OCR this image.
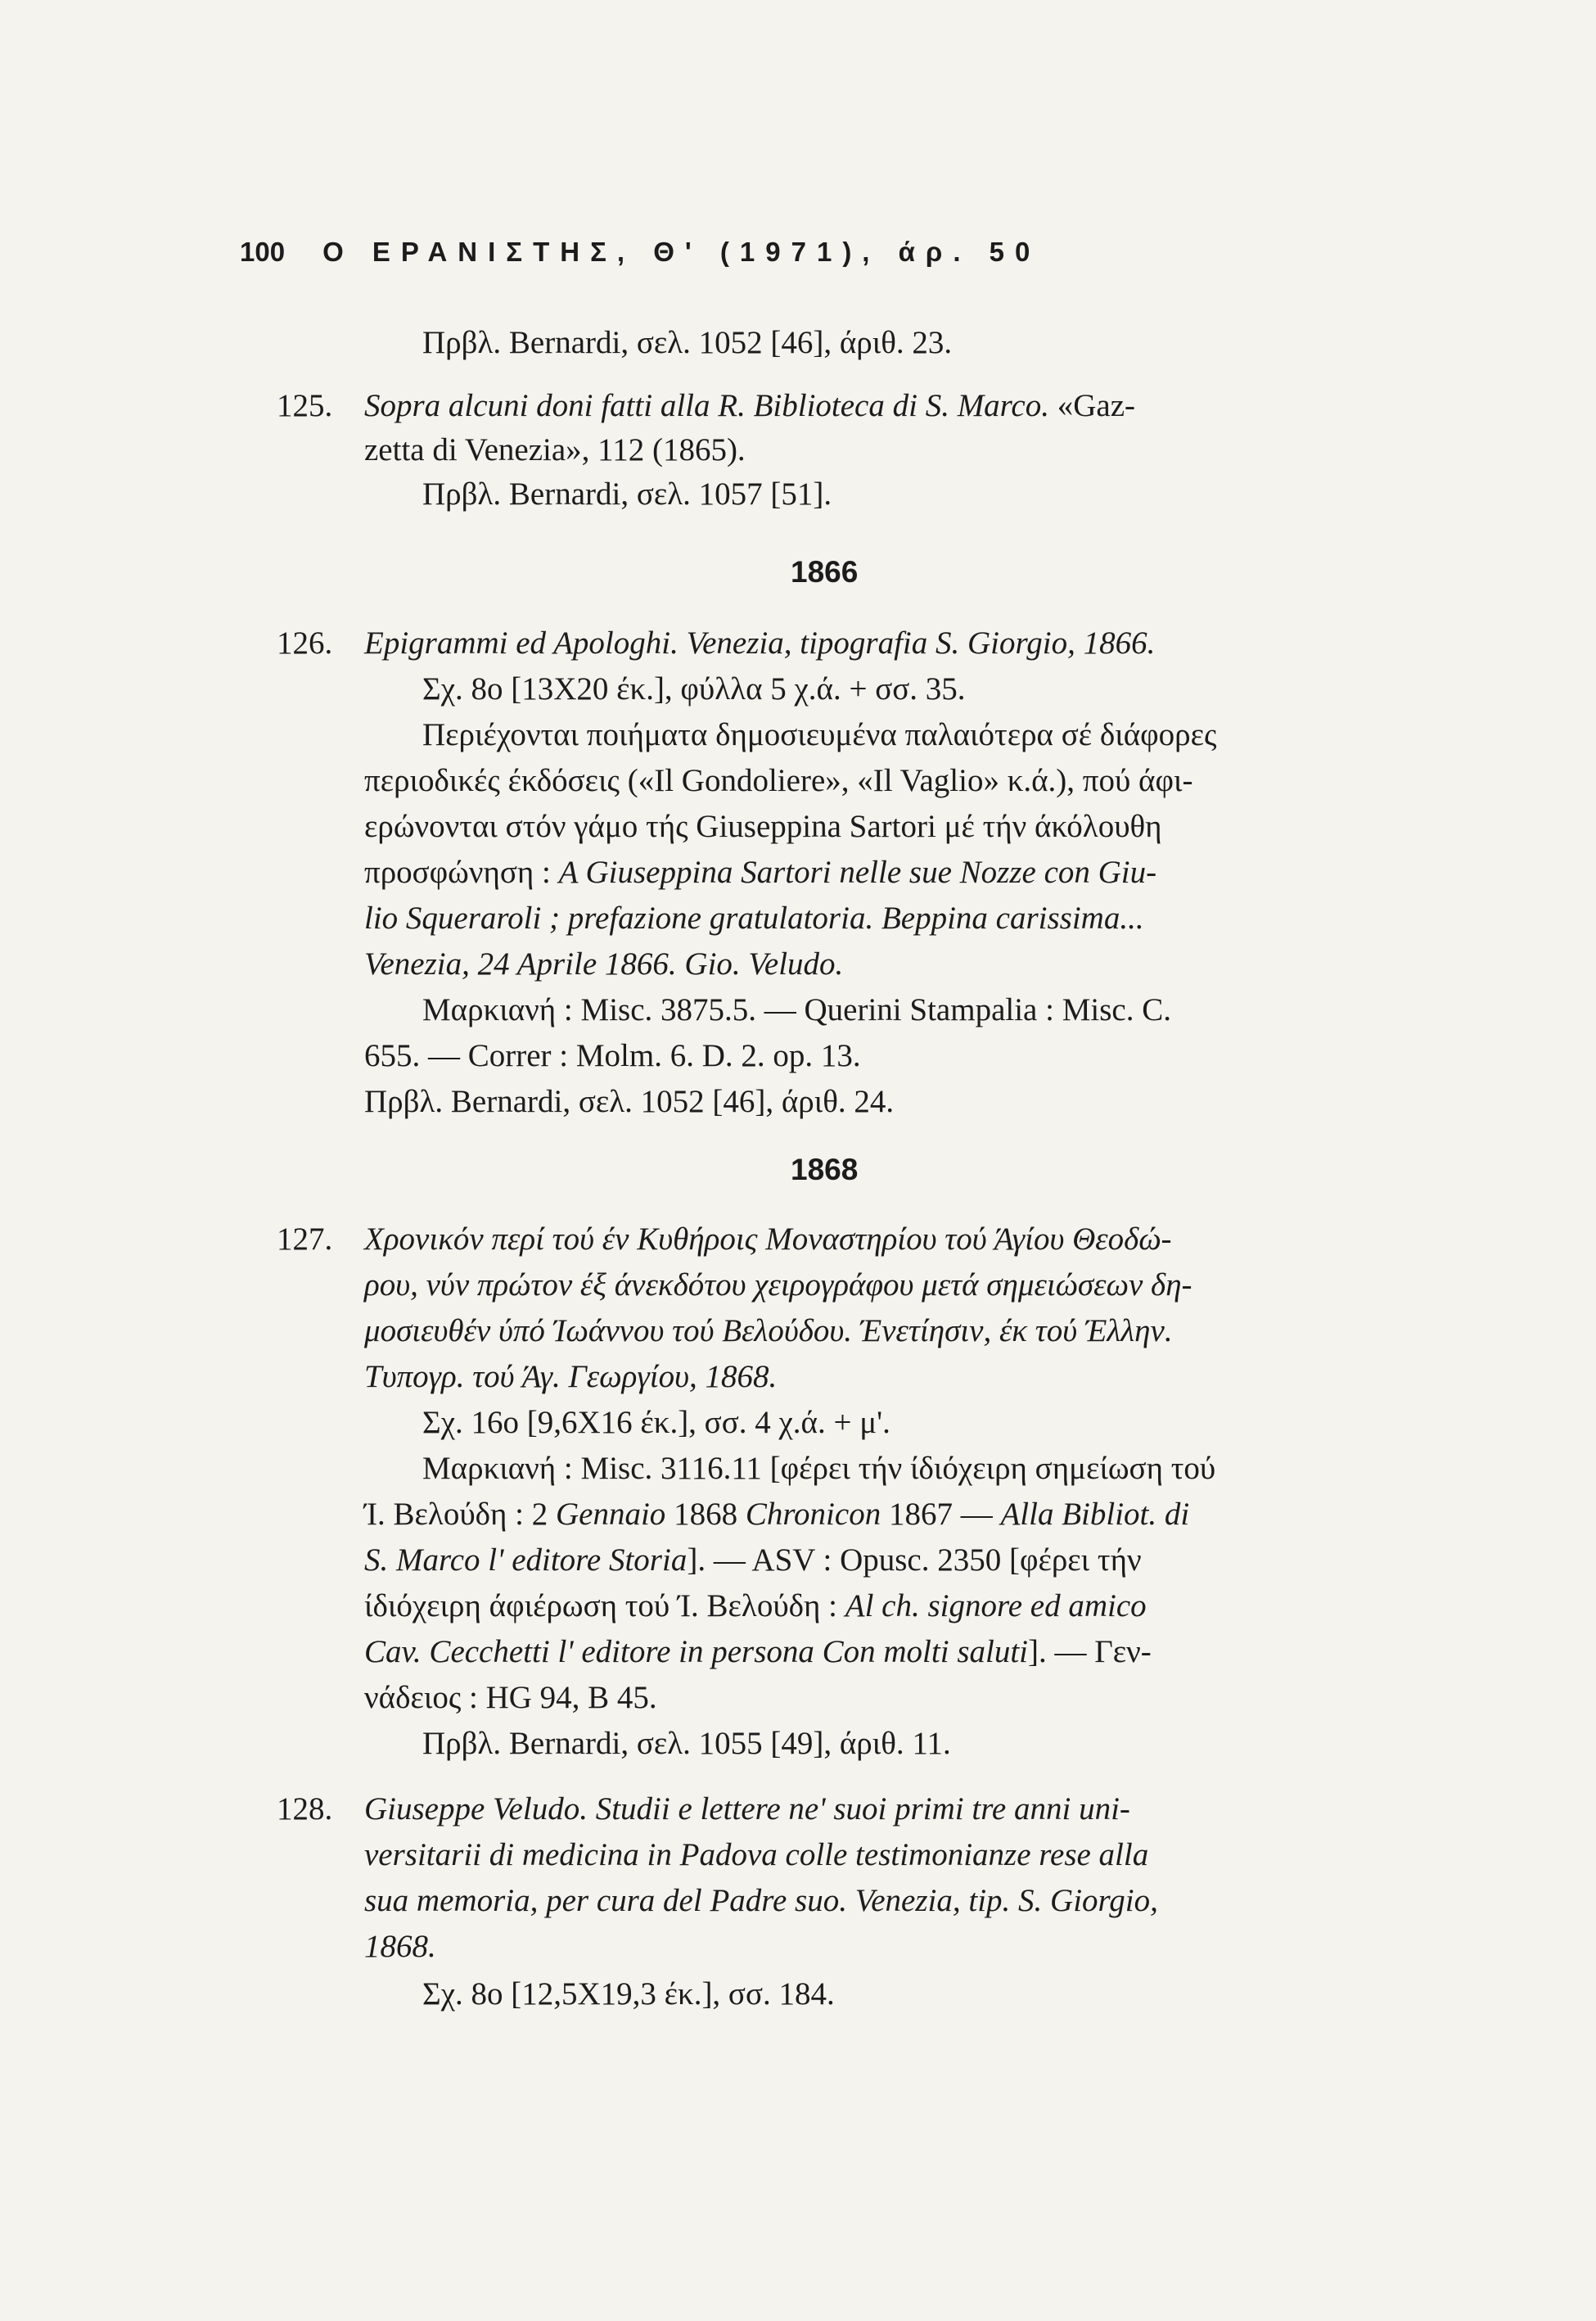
100 Ο ΕΡΑΝΙΣΤΗΣ, Θ' (1971), άρ. 50
Πρβλ. Bernardi, σελ. 1052 [46], άριθ. 23.
125. Sopra alcuni doni fatti alla R. Biblioteca di S. Marco. «Gaz-
zetta di Venezia», 112 (1865).
Πρβλ. Bernardi, σελ. 1057 [51].
1866
126. Epigrammi ed Apologhi. Venezia, tipografia S. Giorgio, 1866.
Σχ. 8ο [13X20 έκ.], φύλλα 5 χ.ά. + σσ. 35.
Περιέχονται ποιήματα δημοσιευμένα παλαιότερα σέ διάφορες
περιοδικές έκδόσεις («Il Gondoliere», «Il Vaglio» κ.ά.), πού άφι-
ερώνονται στόν γάμο τής Giuseppina Sartori μέ τήν άκόλουθη
προσφώνηση : A Giuseppina Sartori nelle sue Nozze con Giu-
lio Squeraroli ; prefazione gratulatoria. Beppina carissima...
Venezia, 24 Aprile 1866. Gio. Veludo.
Μαρκιανή : Misc. 3875.5. — Querini Stampalia : Misc. C.
655. — Correr : Molm. 6. D. 2. op. 13.
Πρβλ. Bernardi, σελ. 1052 [46], άριθ. 24.
1868
127. Χρονικόν περί τού έν Κυθήροις Μοναστηρίου τού Άγίου Θεοδώ-
ρου, νύν πρώτον έξ άνεκδότου χειρογράφου μετά σημειώσεων δη-
μοσιευθέν ύπό Ίωάννου τού Βελούδου. Ένετίησιν, έκ τού Έλλην.
Τυπογρ. τού Άγ. Γεωργίου, 1868.
Σχ. 16ο [9,6X16 έκ.], σσ. 4 χ.ά. + μ'.
Μαρκιανή : Misc. 3116.11 [φέρει τήν ίδιόχειρη σημείωση τού
Ί. Βελούδη : 2 Gennaio 1868 Chronicon 1867 — Alla Bibliot. di
S. Marco l' editore Storia]. — ASV : Opusc. 2350 [φέρει τήν
ίδιόχειρη άφιέρωση τού Ί. Βελούδη : Al ch. signore ed amico
Cav. Cecchetti l' editore in persona Con molti saluti]. — Γεν-
νάδειος : HG 94, B 45.
Πρβλ. Bernardi, σελ. 1055 [49], άριθ. 11.
128. Giuseppe Veludo. Studii e lettere ne' suoi primi tre anni uni-
versitarii di medicina in Padova colle testimonianze rese alla
sua memoria, per cura del Padre suo. Venezia, tip. S. Giorgio,
1868.
Σχ. 8ο [12,5X19,3 έκ.], σσ. 184.
